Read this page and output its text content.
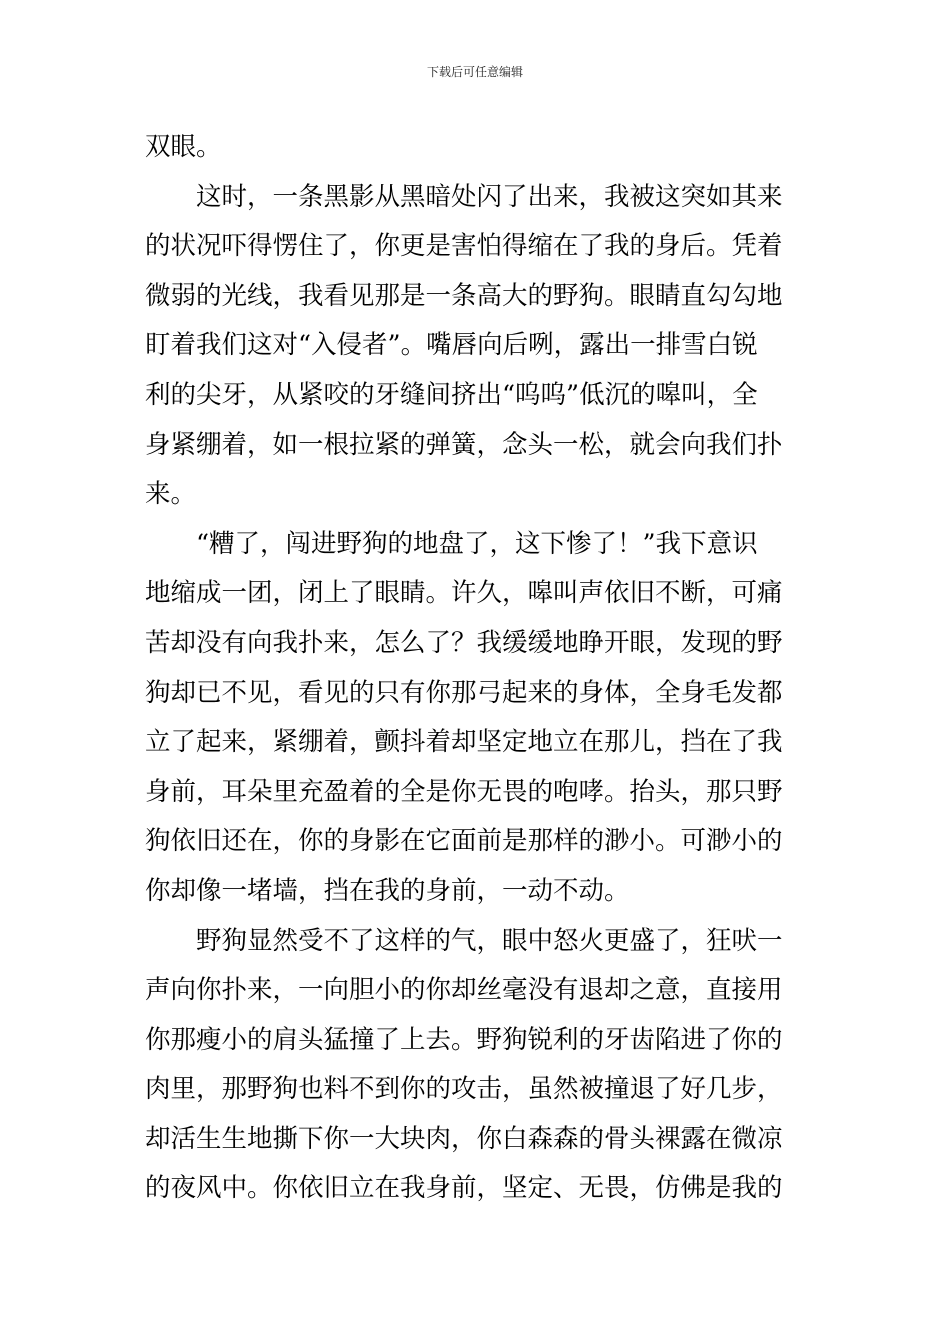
下载后可任意编辑
双眼。
这时，一条黑影从黑暗处闪了出来，我被这突如其来
的状况吓得愣住了，你更是害怕得缩在了我的身后。凭着
微弱的光线，我看见那是一条高大的野狗。眼睛直勾勾地
盯着我们这对“入侵者”。嘴唇向后咧，露出一排雪白锐
利的尖牙，从紧咬的牙缝间挤出“呜呜”低沉的嗥叫，全
身紧绷着，如一根拉紧的弹簧，念头一松，就会向我们扑
来。
“糟了，闯进野狗的地盘了，这下惨了！”我下意识
地缩成一团，闭上了眼睛。许久，嗥叫声依旧不断，可痛
苦却没有向我扑来，怎么了？我缓缓地睁开眼，发现的野
狗却已不见，看见的只有你那弓起来的身体，全身毛发都
立了起来，紧绷着，颤抖着却坚定地立在那儿，挡在了我
身前，耳朵里充盈着的全是你无畏的咆哮。抬头，那只野
狗依旧还在，你的身影在它面前是那样的渺小。可渺小的
你却像一堵墙，挡在我的身前，一动不动。
野狗显然受不了这样的气，眼中怒火更盛了，狂吠一
声向你扑来，一向胆小的你却丝毫没有退却之意，直接用
你那瘦小的肩头猛撞了上去。野狗锐利的牙齿陷进了你的
肉里，那野狗也料不到你的攻击，虽然被撞退了好几步，
却活生生地撕下你一大块肉，你白森森的骨头裸露在微凉
的夜风中。你依旧立在我身前，坚定、无畏，仿佛是我的
